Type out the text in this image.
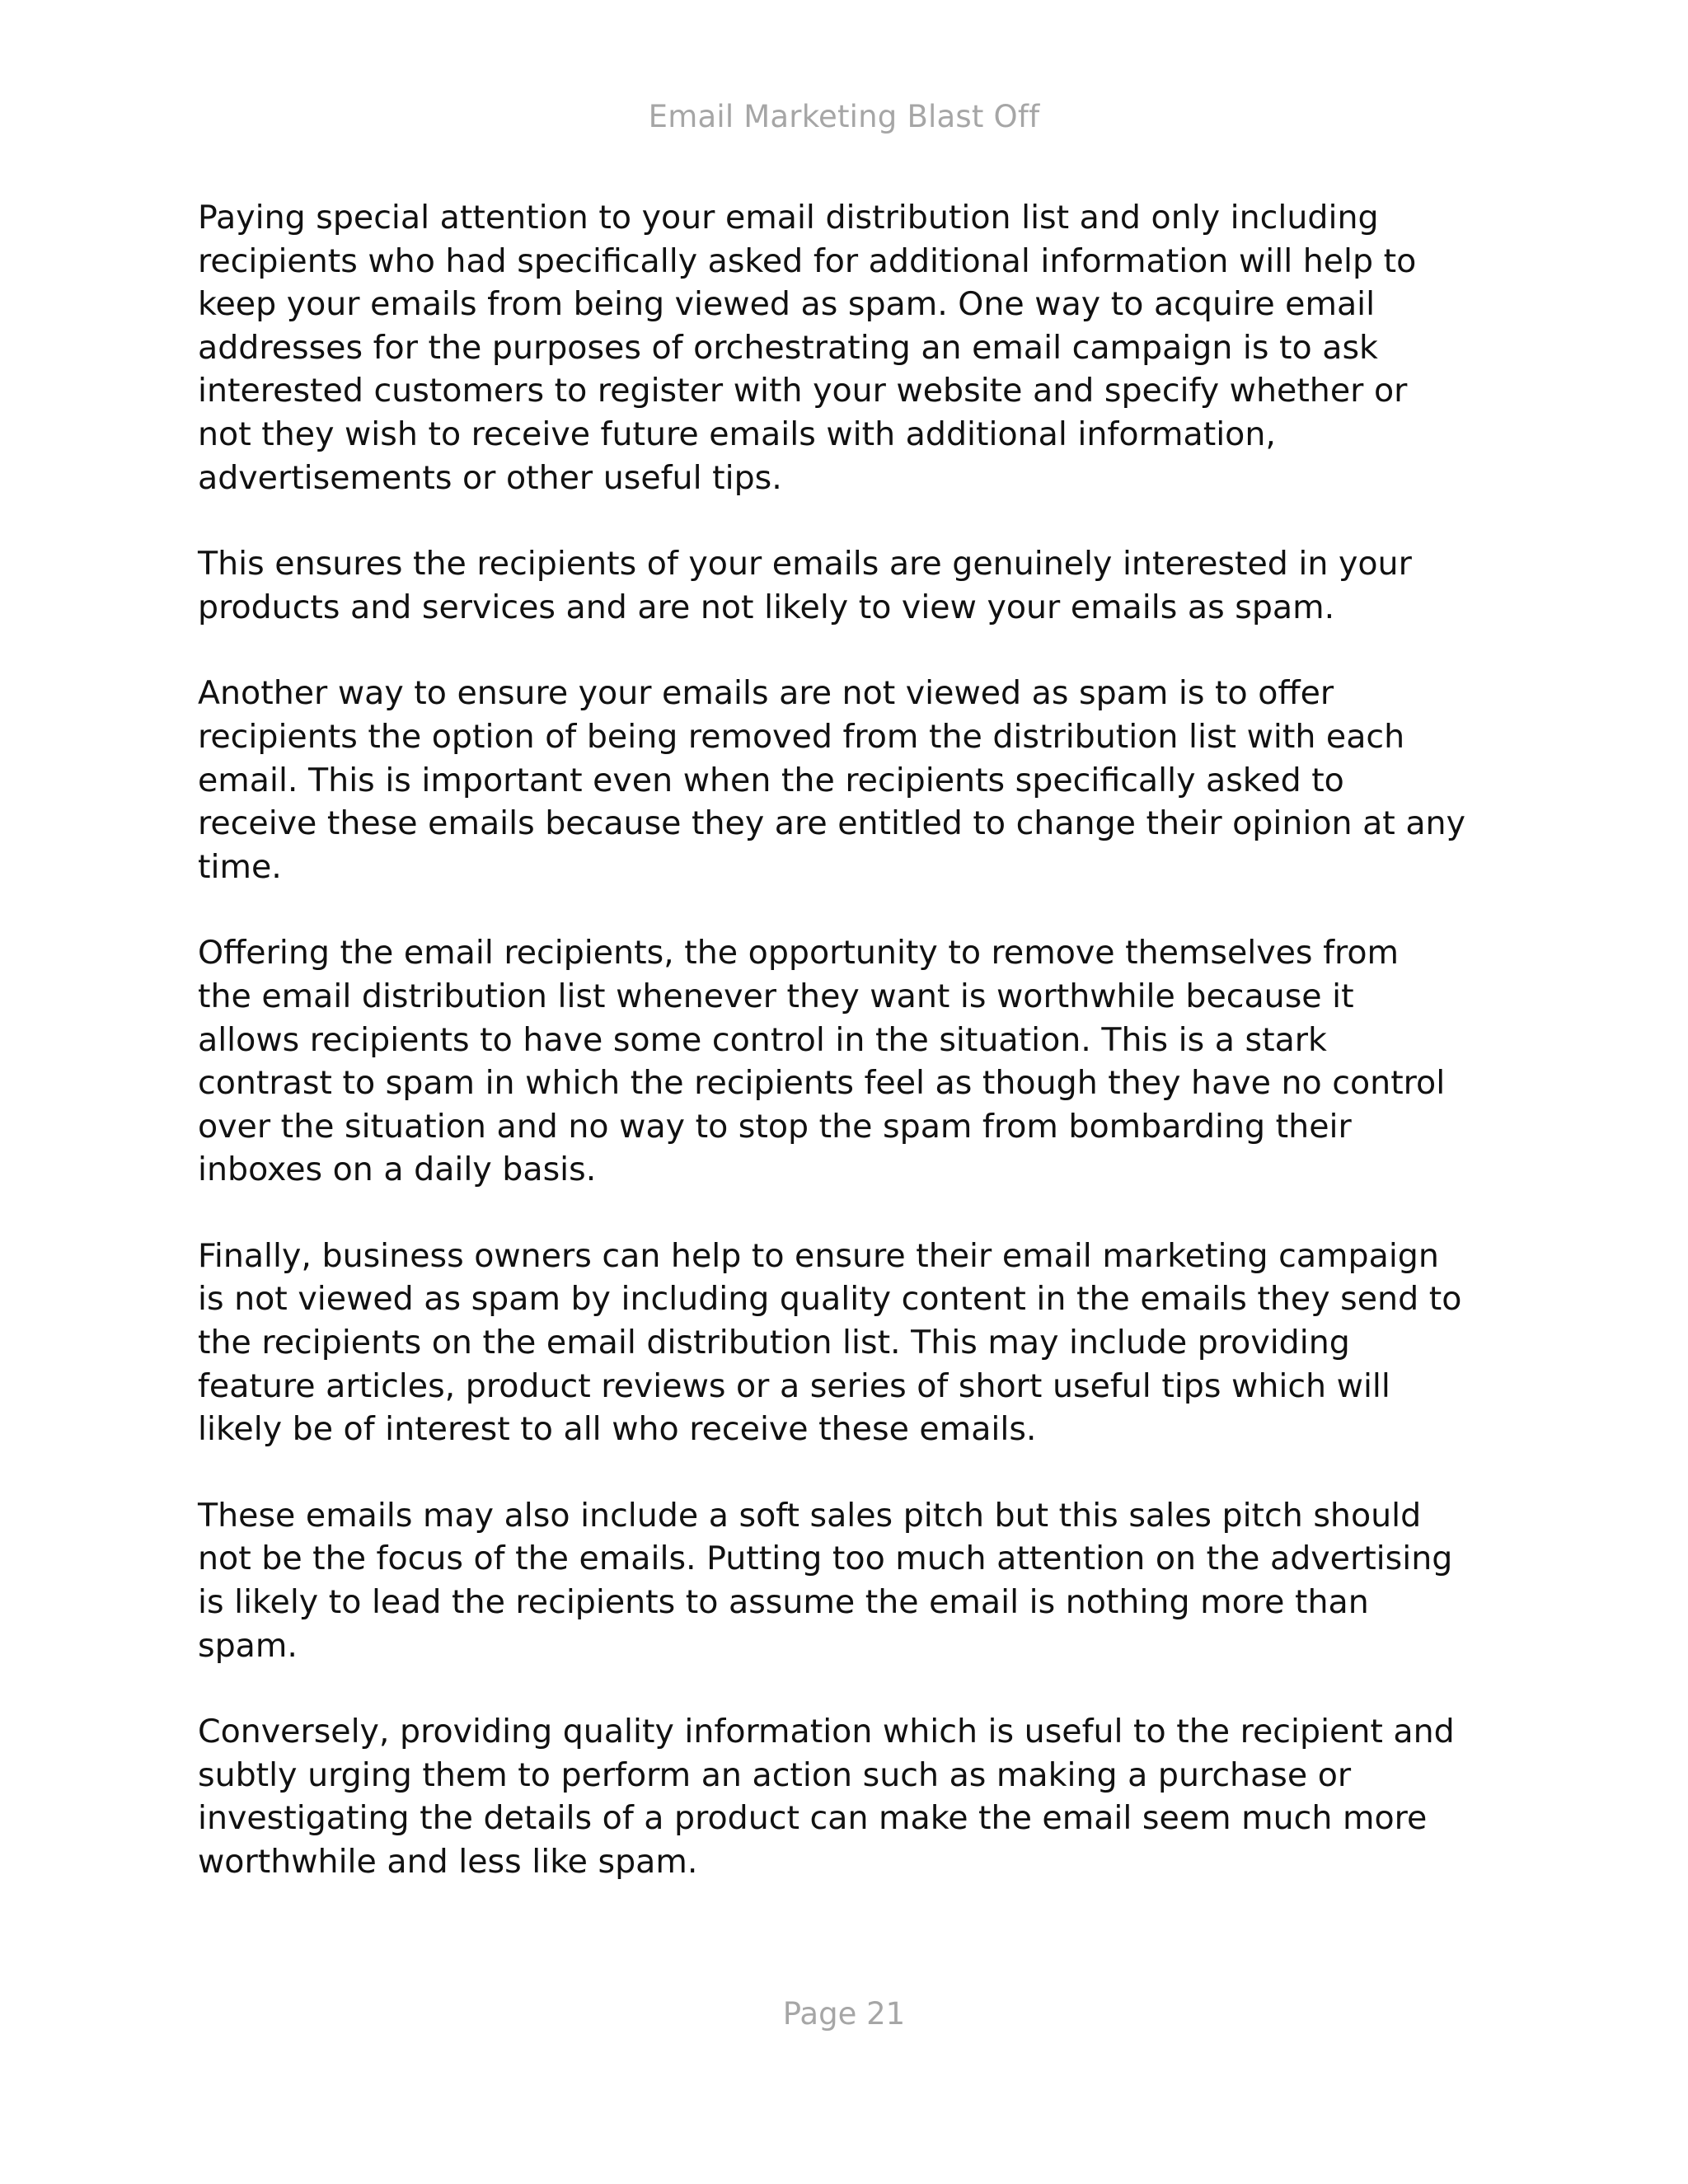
Email Marketing Blast Off

Paying special attention to your email distribution list and only including
recipients who had specifically asked for additional information will help to
keep your emails from being viewed as spam. One way to acquire email
addresses for the purposes of orchestrating an email campaign is to ask
interested customers to register with your website and specify whether or
not they wish to receive future emails with additional information,
advertisements or other useful tips.

This ensures the recipients of your emails are genuinely interested in your
products and services and are not likely to view your emails as spam.

Another way to ensure your emails are not viewed as spam is to offer
recipients the option of being removed from the distribution list with each
email. This is important even when the recipients specifically asked to
receive these emails because they are entitled to change their opinion at any
time.

Offering the email recipients, the opportunity to remove themselves from
the email distribution list whenever they want is worthwhile because it
allows recipients to have some control in the situation. This is a stark
contrast to spam in which the recipients feel as though they have no control
over the situation and no way to stop the spam from bombarding their
inboxes on a daily basis.

Finally, business owners can help to ensure their email marketing campaign
is not viewed as spam by including quality content in the emails they send to
the recipients on the email distribution list. This may include providing
feature articles, product reviews or a series of short useful tips which will
likely be of interest to all who receive these emails.

These emails may also include a soft sales pitch but this sales pitch should
not be the focus of the emails. Putting too much attention on the advertising
is likely to lead the recipients to assume the email is nothing more than
spam.

Conversely, providing quality information which is useful to the recipient and
subtly urging them to perform an action such as making a purchase or
investigating the details of a product can make the email seem much more
worthwhile and less like spam.

Page 21
